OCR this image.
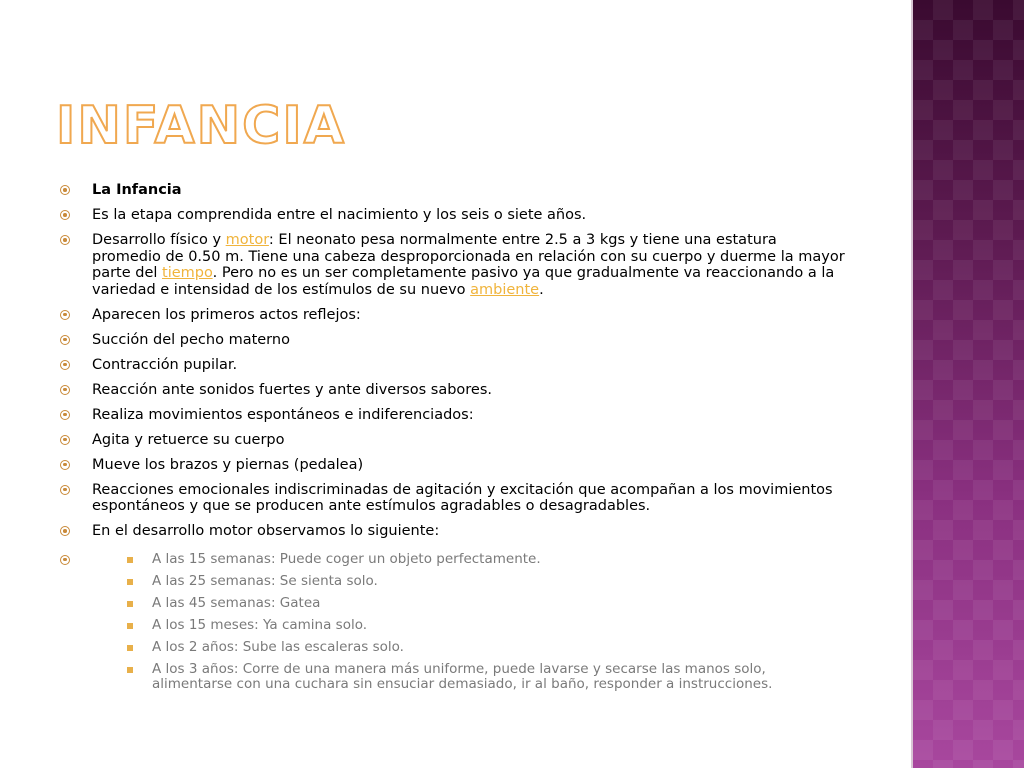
INFANCIA
La Infancia
Es la etapa comprendida entre el nacimiento y los seis o siete años.
Desarrollo físico y motor: El neonato pesa normalmente entre 2.5 a 3 kgs y tiene una estatura promedio de 0.50 m. Tiene una cabeza desproporcionada en relación con su cuerpo y duerme la mayor parte del tiempo. Pero no es un ser completamente pasivo ya que gradualmente va reaccionando a la variedad e intensidad de los estímulos de su nuevo ambiente.
Aparecen los primeros actos reflejos:
Succión del pecho materno
Contracción pupilar.
Reacción ante sonidos fuertes y ante diversos sabores.
Realiza movimientos espontáneos e indiferenciados:
Agita y retuerce su cuerpo
Mueve los brazos y piernas (pedalea)
Reacciones emocionales indiscriminadas de agitación y excitación que acompañan a los movimientos espontáneos y que se producen ante estímulos agradables o desagradables.
En el desarrollo motor observamos lo siguiente:
A las 15 semanas: Puede coger un objeto perfectamente.
A las 25 semanas: Se sienta solo.
A las 45 semanas: Gatea
A los 15 meses: Ya camina solo.
A los 2 años: Sube las escaleras solo.
A los 3 años: Corre de una manera más uniforme, puede lavarse y secarse las manos solo, alimentarse con una cuchara sin ensuciar demasiado, ir al baño, responder a instrucciones.
